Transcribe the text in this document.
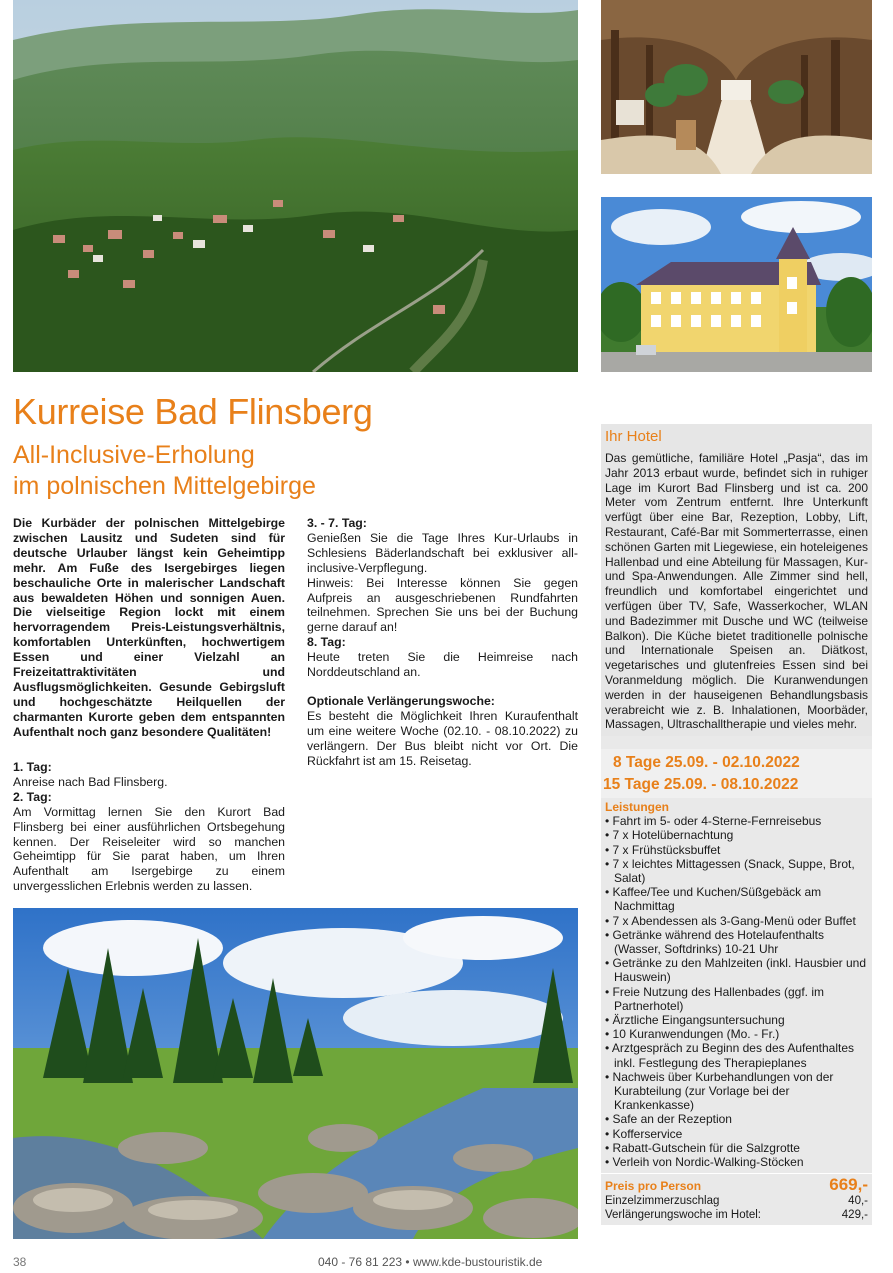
Kurreise Bad Flinsberg
All-Inclusive-Erholung
im polnischen Mittelgebirge
Die Kurbäder der polnischen Mittelgebirge zwischen Lausitz und Sudeten sind für deutsche Urlauber längst kein Geheimtipp mehr. Am Fuße des Isergebirges liegen beschauliche Orte in malerischer Landschaft aus bewaldeten Höhen und sonnigen Auen. Die vielseitige Region lockt mit einem hervorragendem Preis-Leistungsverhältnis, komfortablen Unterkünften, hochwertigem Essen und einer Vielzahl an Freizeitattraktivitäten und Ausflugsmöglichkeiten. Gesunde Gebirgsluft und hochgeschätzte Heilquellen der charmanten Kurorte geben dem entspannten Aufenthalt noch ganz besondere Qualitäten!

1. Tag:

Anreise nach Bad Flinsberg.

2. Tag:

Am Vormittag lernen Sie den Kurort Bad Flinsberg bei einer ausführlichen Ortsbegehung kennen. Der Reiseleiter wird so manchen Geheimtipp für Sie parat haben, um Ihren Aufenthalt am Isergebirge zu einem unvergesslichen Erlebnis werden zu lassen.

3. - 7. Tag:

Genießen Sie die Tage Ihres Kur-Urlaubs in Schlesiens Bäderlandschaft bei exklusiver all-inclusive-Verpflegung.

Hinweis: Bei Interesse können Sie gegen Aufpreis an ausgeschriebenen Rundfahrten teilnehmen. Sprechen Sie uns bei der Buchung gerne darauf an!

8. Tag:

Heute treten Sie die Heimreise nach Norddeutschland an.

Optionale Verlängerungswoche:

Es besteht die Möglichkeit Ihren Kuraufenthalt um eine weitere Woche (02.10. - 08.10.2022) zu verlängern. Der Bus bleibt nicht vor Ort. Die Rückfahrt ist am 15. Reisetag.

Ihr Hotel
Das gemütliche, familiäre Hotel „Pasja“, das im Jahr 2013 erbaut wurde, befindet sich in ruhiger Lage im Kurort Bad Flinsberg und ist ca. 200 Meter vom Zentrum entfernt. Ihre Unterkunft verfügt über eine Bar, Rezeption, Lobby, Lift, Restaurant, Café-Bar mit Sommerterrasse, einen schönen Garten mit Liegewiese, ein hoteleigenes Hallenbad und eine Abteilung für Massagen, Kur- und Spa-Anwendungen. Alle Zimmer sind hell, freundlich und komfortabel eingerichtet und verfügen über TV, Safe, Wasserkocher, WLAN und Badezimmer mit Dusche und WC (teilweise Balkon). Die Küche bietet traditionelle polnische und Internationale Speisen an. Diätkost, vegetarisches und glutenfreies Essen sind bei Voranmeldung möglich. Die Kuranwendungen werden in der hauseigenen Behandlungsbasis verabreicht wie z. B. Inhalationen, Moorbäder, Massagen, Ultraschalltherapie und vieles mehr.
8 Tage 25.09. - 02.10.2022
15 Tage 25.09. - 08.10.2022
Leistungen
• Fahrt im 5- oder 4-Sterne-Fernreisebus
• 7 x Hotelübernachtung
• 7 x Frühstücksbuffet
• 7 x leichtes Mittagessen (Snack, Suppe, Brot, Salat)
• Kaffee/Tee und Kuchen/Süßgebäck am Nachmittag
• 7 x Abendessen als 3-Gang-Menü oder Buffet
• Getränke während des Hotelaufenthalts (Wasser, Softdrinks) 10-21 Uhr
• Getränke zu den Mahlzeiten (inkl. Hausbier und Hauswein)
• Freie Nutzung des Hallenbades (ggf. im Partnerhotel)
• Ärztliche Eingangsuntersuchung
• 10 Kuranwendungen (Mo. - Fr.)
• Arztgespräch zu Beginn des des Aufenthaltes inkl. Festlegung des Therapieplanes
• Nachweis über Kurbehandlungen von der Kurabteilung (zur Vorlage bei der Krankenkasse)
• Safe an der Rezeption
• Kofferservice
• Rabatt-Gutschein für die Salzgrotte
• Verleih von Nordic-Walking-Stöcken
Preis pro Person	669,-
Einzelzimmerzuschlag	40,-
Verlängerungswoche im Hotel:	429,-
38	040 - 76 81 223 • www.kde-bustouristik.de
